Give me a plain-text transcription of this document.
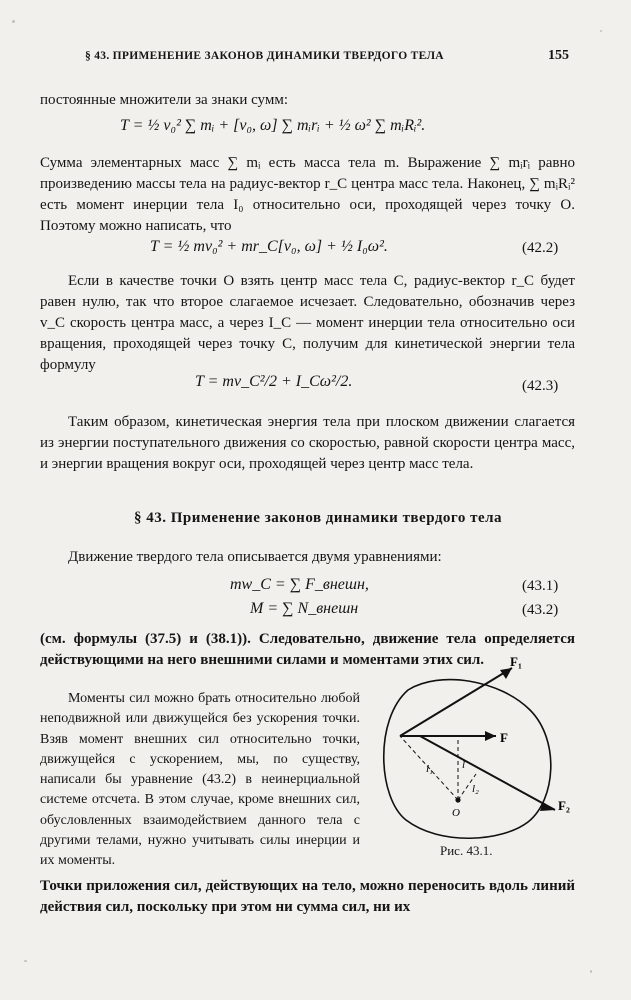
§ 43. ПРИМЕНЕНИЕ ЗАКОНОВ ДИНАМИКИ ТВЕРДОГО ТЕЛА	155
постоянные множители за знаки сумм:
T = ½ v₀² ∑ mᵢ + [v₀, ω] ∑ mᵢrᵢ + ½ ω² ∑ mᵢRᵢ².
Сумма элементарных масс ∑ mᵢ есть масса тела m. Выражение ∑ mᵢrᵢ равно произведению массы тела на радиус-вектор r_C центра масс тела. Наконец, ∑ mᵢRᵢ² есть момент инерции тела I₀ относительно оси, проходящей через точку O. Поэтому можно написать, что
T = ½ mv₀² + mr_C[v₀, ω] + ½ I₀ω².	(42.2)
Если в качестве точки O взять центр масс тела C, радиус-вектор r_C будет равен нулю, так что второе слагаемое исчезает. Следовательно, обозначив через v_C скорость центра масс, а через I_C — момент инерции тела относительно оси вращения, проходящей через точку C, получим для кинетической энергии тела формулу
T = mv_C²/2 + I_Cω²/2.	(42.3)
Таким образом, кинетическая энергия тела при плоском движении слагается из энергии поступательного движения со скоростью, равной скорости центра масс, и энергии вращения вокруг оси, проходящей через центр масс тела.
§ 43. Применение законов динамики твердого тела
Движение твердого тела описывается двумя уравнениями:
mw_C = ∑ F_внешн,	(43.1)
M = ∑ N_внешн	(43.2)
(см. формулы (37.5) и (38.1)). Следовательно, движение тела определяется действующими на него внешними силами и моментами этих сил.
Моменты сил можно брать относительно любой неподвижной или движущейся без ускорения точки. Взяв момент внешних сил относительно точки, движущейся с ускорением, мы, по существу, написали бы уравнение (43.2) в неинерциальной системе отсчета. В этом случае, кроме внешних сил, обусловленных взаимодействием данного тела с другими телами, нужно учитывать силы инерции и их моменты.
F₁
F
F₂
l₁	l
l₂
O
Рис. 43.1.
Точки приложения сил, действующих на тело, можно переносить вдоль линий действия сил, поскольку при этом ни сумма сил, ни их
